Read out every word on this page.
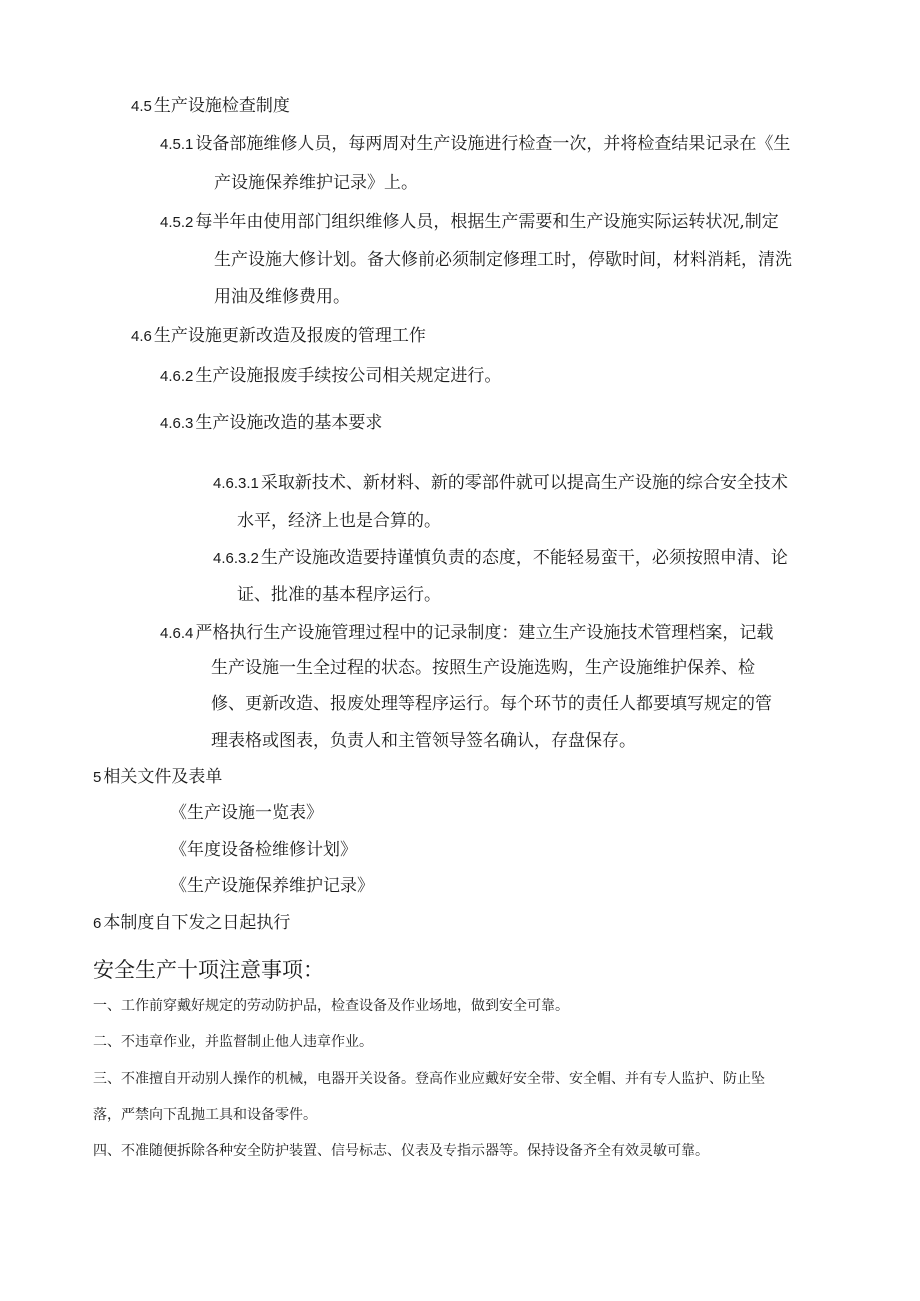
4.5 生产设施检查制度
4.5.1 设备部施维修人员，每两周对生产设施进行检查一次，并将检查结果记录在《生
产设施保养维护记录》上。
4.5.2 每半年由使用部门组织维修人员，根据生产需要和生产设施实际运转状况,制定
生产设施大修计划。备大修前必须制定修理工时，停歇时间，材料消耗，清洗
用油及维修费用。
4.6 生产设施更新改造及报废的管理工作
4.6.2 生产设施报废手续按公司相关规定进行。
4.6.3 生产设施改造的基本要求
4.6.3.1 采取新技术、新材料、新的零部件就可以提高生产设施的综合安全技术
水平，经济上也是合算的。
4.6.3.2 生产设施改造要持谨慎负责的态度，不能轻易蛮干，必须按照申清、论
证、批准的基本程序运行。
4.6.4 严格执行生产设施管理过程中的记录制度：建立生产设施技术管理档案，记载
生产设施一生全过程的状态。按照生产设施选购，生产设施维护保养、检
修、更新改造、报废处理等程序运行。每个环节的责任人都要填写规定的管
理表格或图表，负责人和主管领导签名确认，存盘保存。
5 相关文件及表单
《生产设施一览表》
《年度设备检维修计划》
《生产设施保养维护记录》
6 本制度自下发之日起执行
安全生产十项注意事项：
一、工作前穿戴好规定的劳动防护品，检查设备及作业场地，做到安全可靠。
二、不违章作业，并监督制止他人违章作业。
三、不准擅自开动别人操作的机械，电器开关设备。登高作业应戴好安全带、安全帽、并有专人监护、防止坠
落，严禁向下乱抛工具和设备零件。
四、不准随便拆除各种安全防护装置、信号标志、仪表及专指示器等。保持设备齐全有效灵敏可靠。
